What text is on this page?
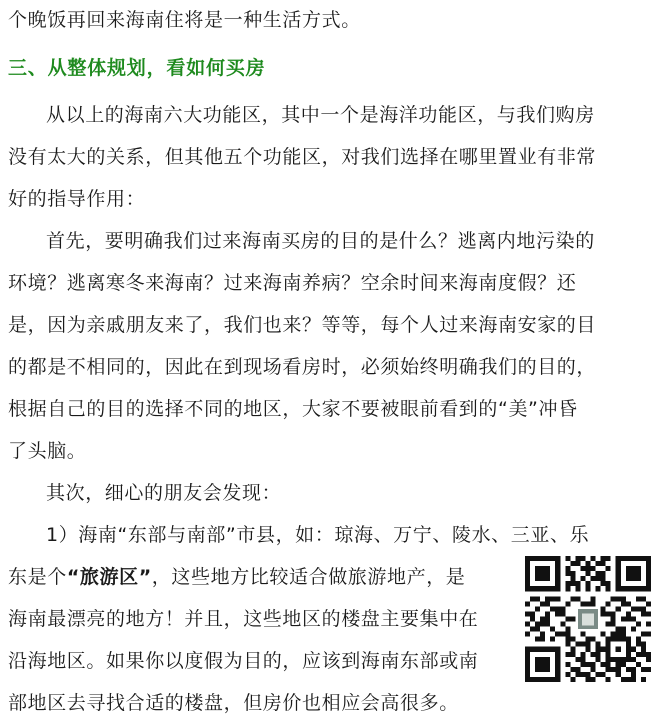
个晚饭再回来海南住将是一种生活方式。
三、从整体规划，看如何买房
从以上的海南六大功能区，其中一个是海洋功能区，与我们购房
没有太大的关系，但其他五个功能区，对我们选择在哪里置业有非常
好的指导作用：
首先，要明确我们过来海南买房的目的是什么？逃离内地污染的
环境？逃离寒冬来海南？过来海南养病？空余时间来海南度假？还
是，因为亲戚朋友来了，我们也来？等等，每个人过来海南安家的目
的都是不相同的，因此在到现场看房时，必须始终明确我们的目的，
根据自己的目的选择不同的地区，大家不要被眼前看到的“美”冲昏
了头脑。
其次，细心的朋友会发现：
1）海南“东部与南部”市县，如：琼海、万宁、陵水、三亚、乐
东是个“旅游区”，这些地方比较适合做旅游地产，是
海南最漂亮的地方！并且，这些地区的楼盘主要集中在
沿海地区。如果你以度假为目的，应该到海南东部或南
部地区去寻找合适的楼盘，但房价也相应会高很多。
